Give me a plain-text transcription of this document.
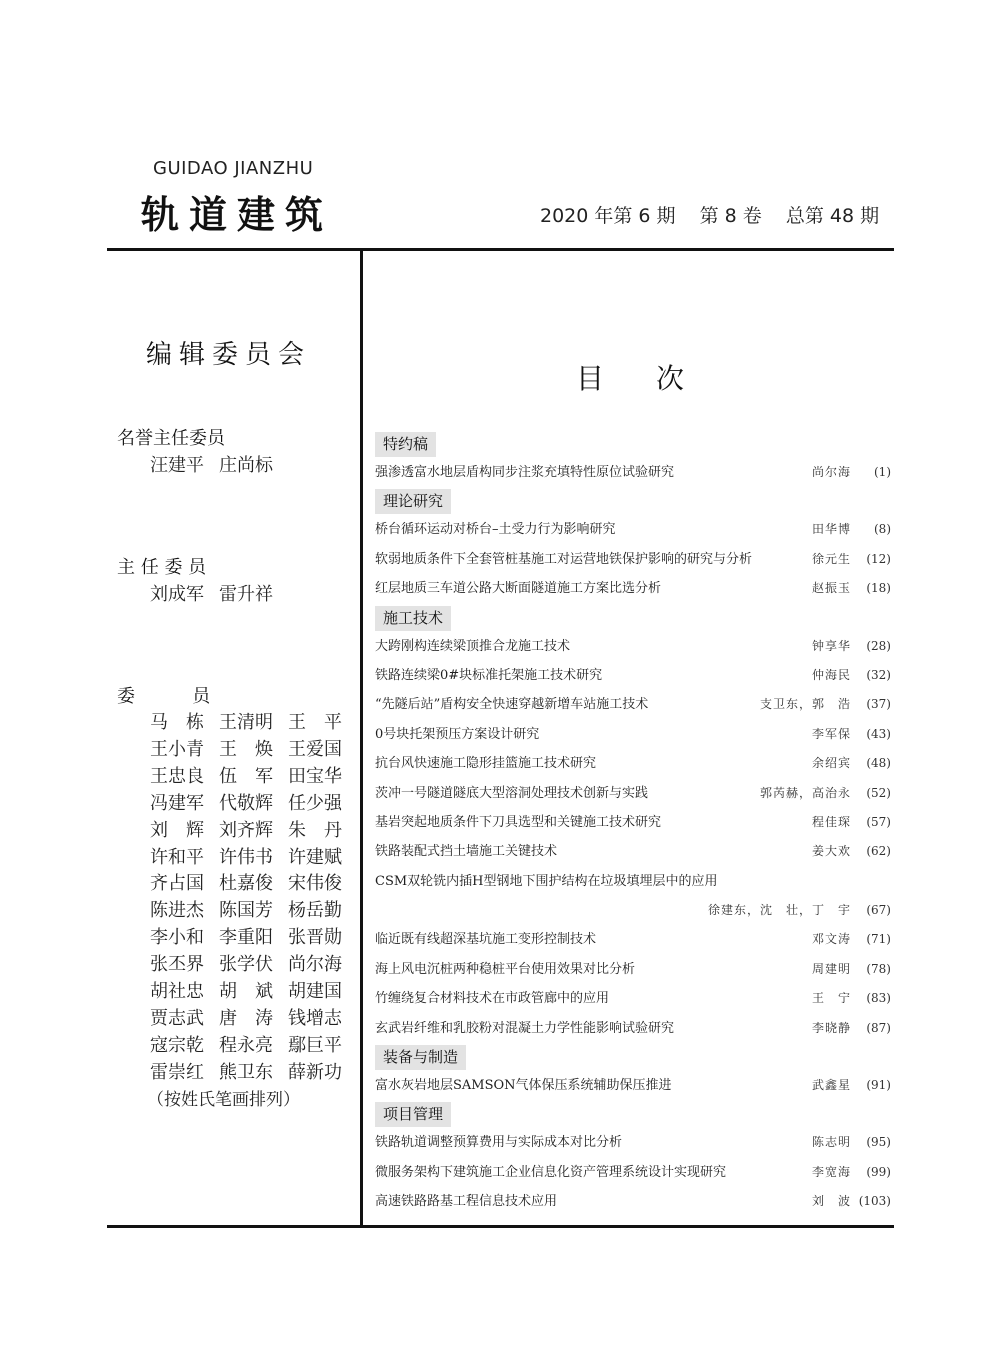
GUIDAO JIANZHU
轨道建筑	2020 年第 6 期 第 8 卷 总第 48 期
编辑委员会
名誉主任委员
汪建平 庄尚标
主 任 委 员
刘成军 雷升祥
委          员
马　栋 王清明 王　平
王小青 王　焕 王爱国
王忠良 伍　军 田宝华
冯建军 代敬辉 任少强
刘　辉 刘齐辉 朱　丹
许和平 许伟书 许建赋
齐占国 杜嘉俊 宋伟俊
陈进杰 陈国芳 杨岳勤
李小和 李重阳 张晋勋
张丕界 张学伏 尚尔海
胡社忠 胡　斌 胡建国
贾志武 唐　涛 钱增志
寇宗乾 程永亮 鄢巨平
雷崇红 熊卫东 薛新功
（按姓氏笔画排列）
目次
特约稿
强渗透富水地层盾构同步注浆充填特性原位试验研究	尚尔海	(1)
理论研究
桥台循环运动对桥台–土受力行为影响研究	田华博	(8)
软弱地质条件下全套管桩基施工对运营地铁保护影响的研究与分析	徐元生	(12)
红层地质三车道公路大断面隧道施工方案比选分析	赵振玉	(18)
施工技术
大跨刚构连续梁顶推合龙施工技术	钟享华	(28)
铁路连续梁0#块标准托架施工技术研究	仲海民	(32)
“先隧后站”盾构安全快速穿越新增车站施工技术	支卫东，郭　浩	(37)
0号块托架预压方案设计研究	李军保	(43)
抗台风快速施工隐形挂篮施工技术研究	余绍宾	(48)
茨冲一号隧道隧底大型溶洞处理技术创新与实践	郭芮赫，高治永	(52)
基岩突起地质条件下刀具选型和关键施工技术研究	程佳琛	(57)
铁路装配式挡土墙施工关键技术	姜大欢	(62)
CSM双轮铣内插H型钢地下围护结构在垃圾填埋层中的应用
徐建东，沈　壮，丁　宇	(67)
临近既有线超深基坑施工变形控制技术	邓文涛	(71)
海上风电沉桩两种稳桩平台使用效果对比分析	周建明	(78)
竹缠绕复合材料技术在市政管廊中的应用	王　宁	(83)
玄武岩纤维和乳胶粉对混凝土力学性能影响试验研究	李晓静	(87)
装备与制造
富水灰岩地层SAMSON气体保压系统辅助保压推进	武鑫星	(91)
项目管理
铁路轨道调整预算费用与实际成本对比分析	陈志明	(95)
微服务架构下建筑施工企业信息化资产管理系统设计实现研究	李宽海	(99)
高速铁路路基工程信息技术应用	刘　波 (103)
